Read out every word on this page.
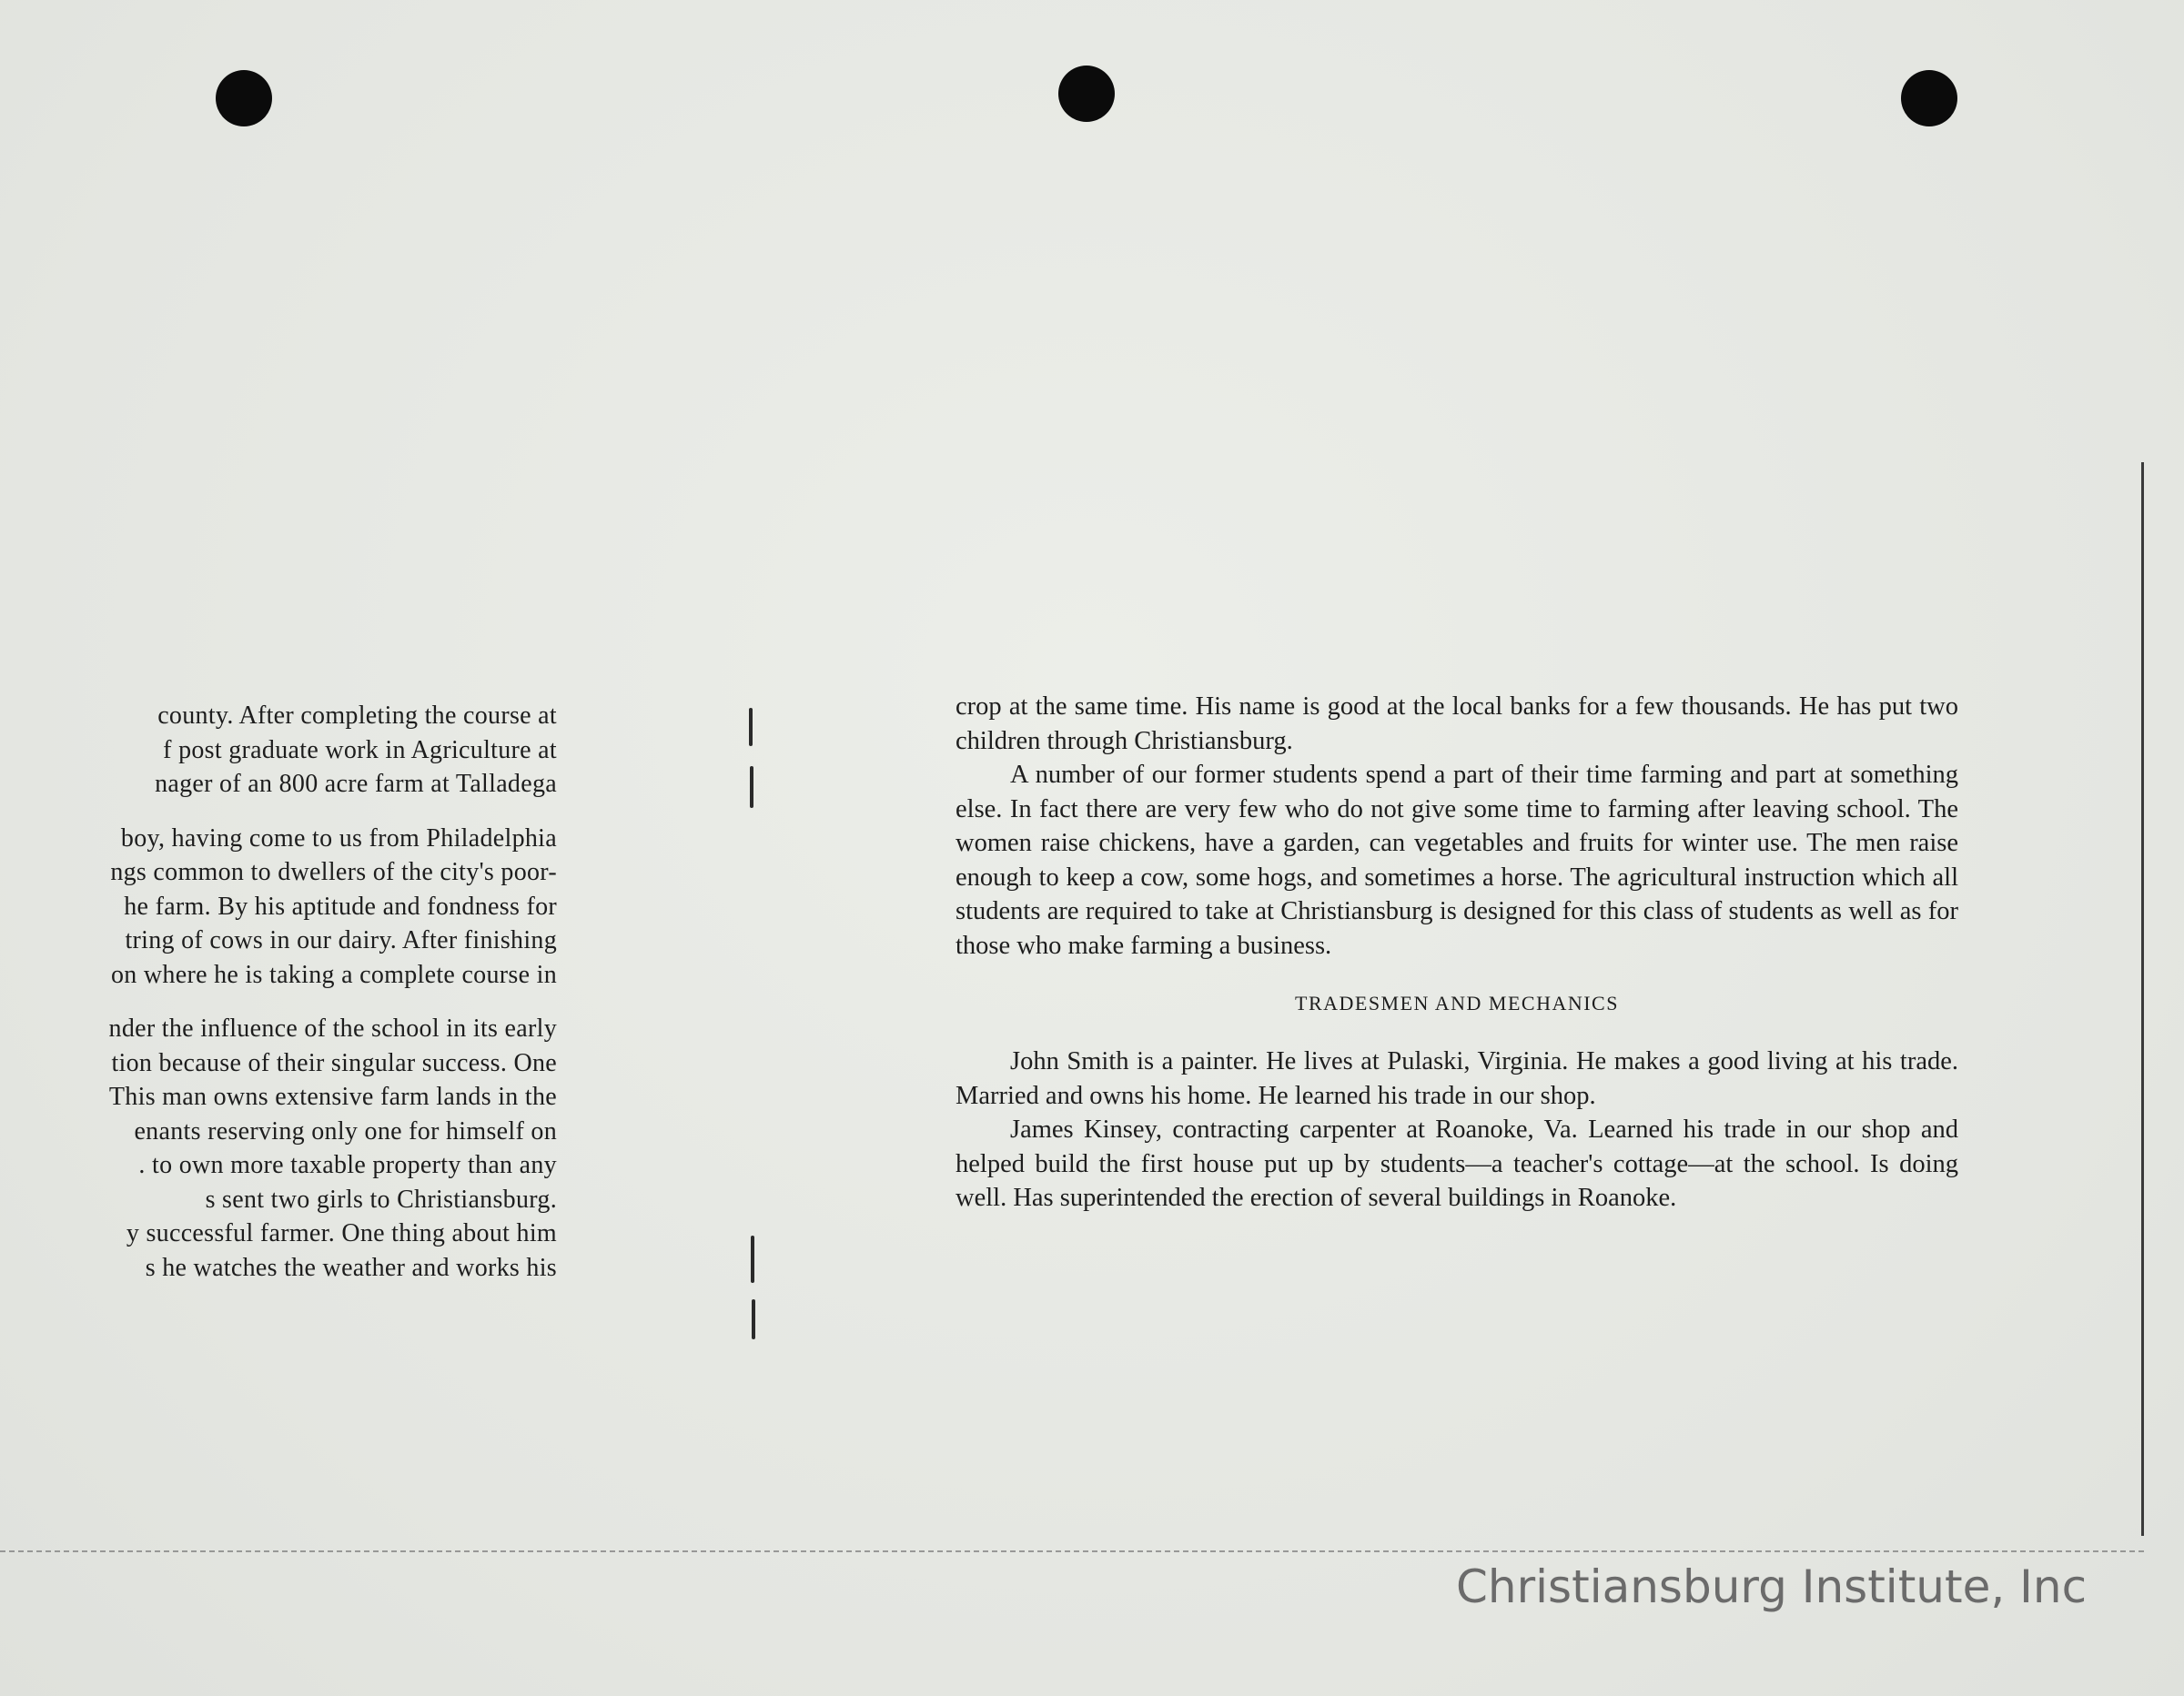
county. After completing the course at
f post graduate work in Agriculture at
nager of an 800 acre farm at Talladega
boy, having come to us from Philadelphia
ngs common to dwellers of the city's poor-
he farm. By his aptitude and fondness for
tring of cows in our dairy. After finishing
on where he is taking a complete course in
nder the influence of the school in its early
tion because of their singular success. One
This man owns extensive farm lands in the
enants reserving only one for himself on
. to own more taxable property than any
s sent two girls to Christiansburg.
y successful farmer. One thing about him
s he watches the weather and works his

crop at the same time. His name is good at the local banks for a few thousands. He has put two children through Christiansburg.

A number of our former students spend a part of their time farming and part at something else. In fact there are very few who do not give some time to farming after leaving school. The women raise chickens, have a garden, can vegetables and fruits for winter use. The men raise enough to keep a cow, some hogs, and sometimes a horse. The agricultural instruction which all students are required to take at Christiansburg is designed for this class of students as well as for those who make farming a business.

TRADESMEN AND MECHANICS

John Smith is a painter. He lives at Pulaski, Virginia. He makes a good living at his trade. Married and owns his home. He learned his trade in our shop.

James Kinsey, contracting carpenter at Roanoke, Va. Learned his trade in our shop and helped build the first house put up by students—a teacher's cottage—at the school. Is doing well. Has superintended the erection of several buildings in Roanoke.

Christiansburg Institute, Inc
